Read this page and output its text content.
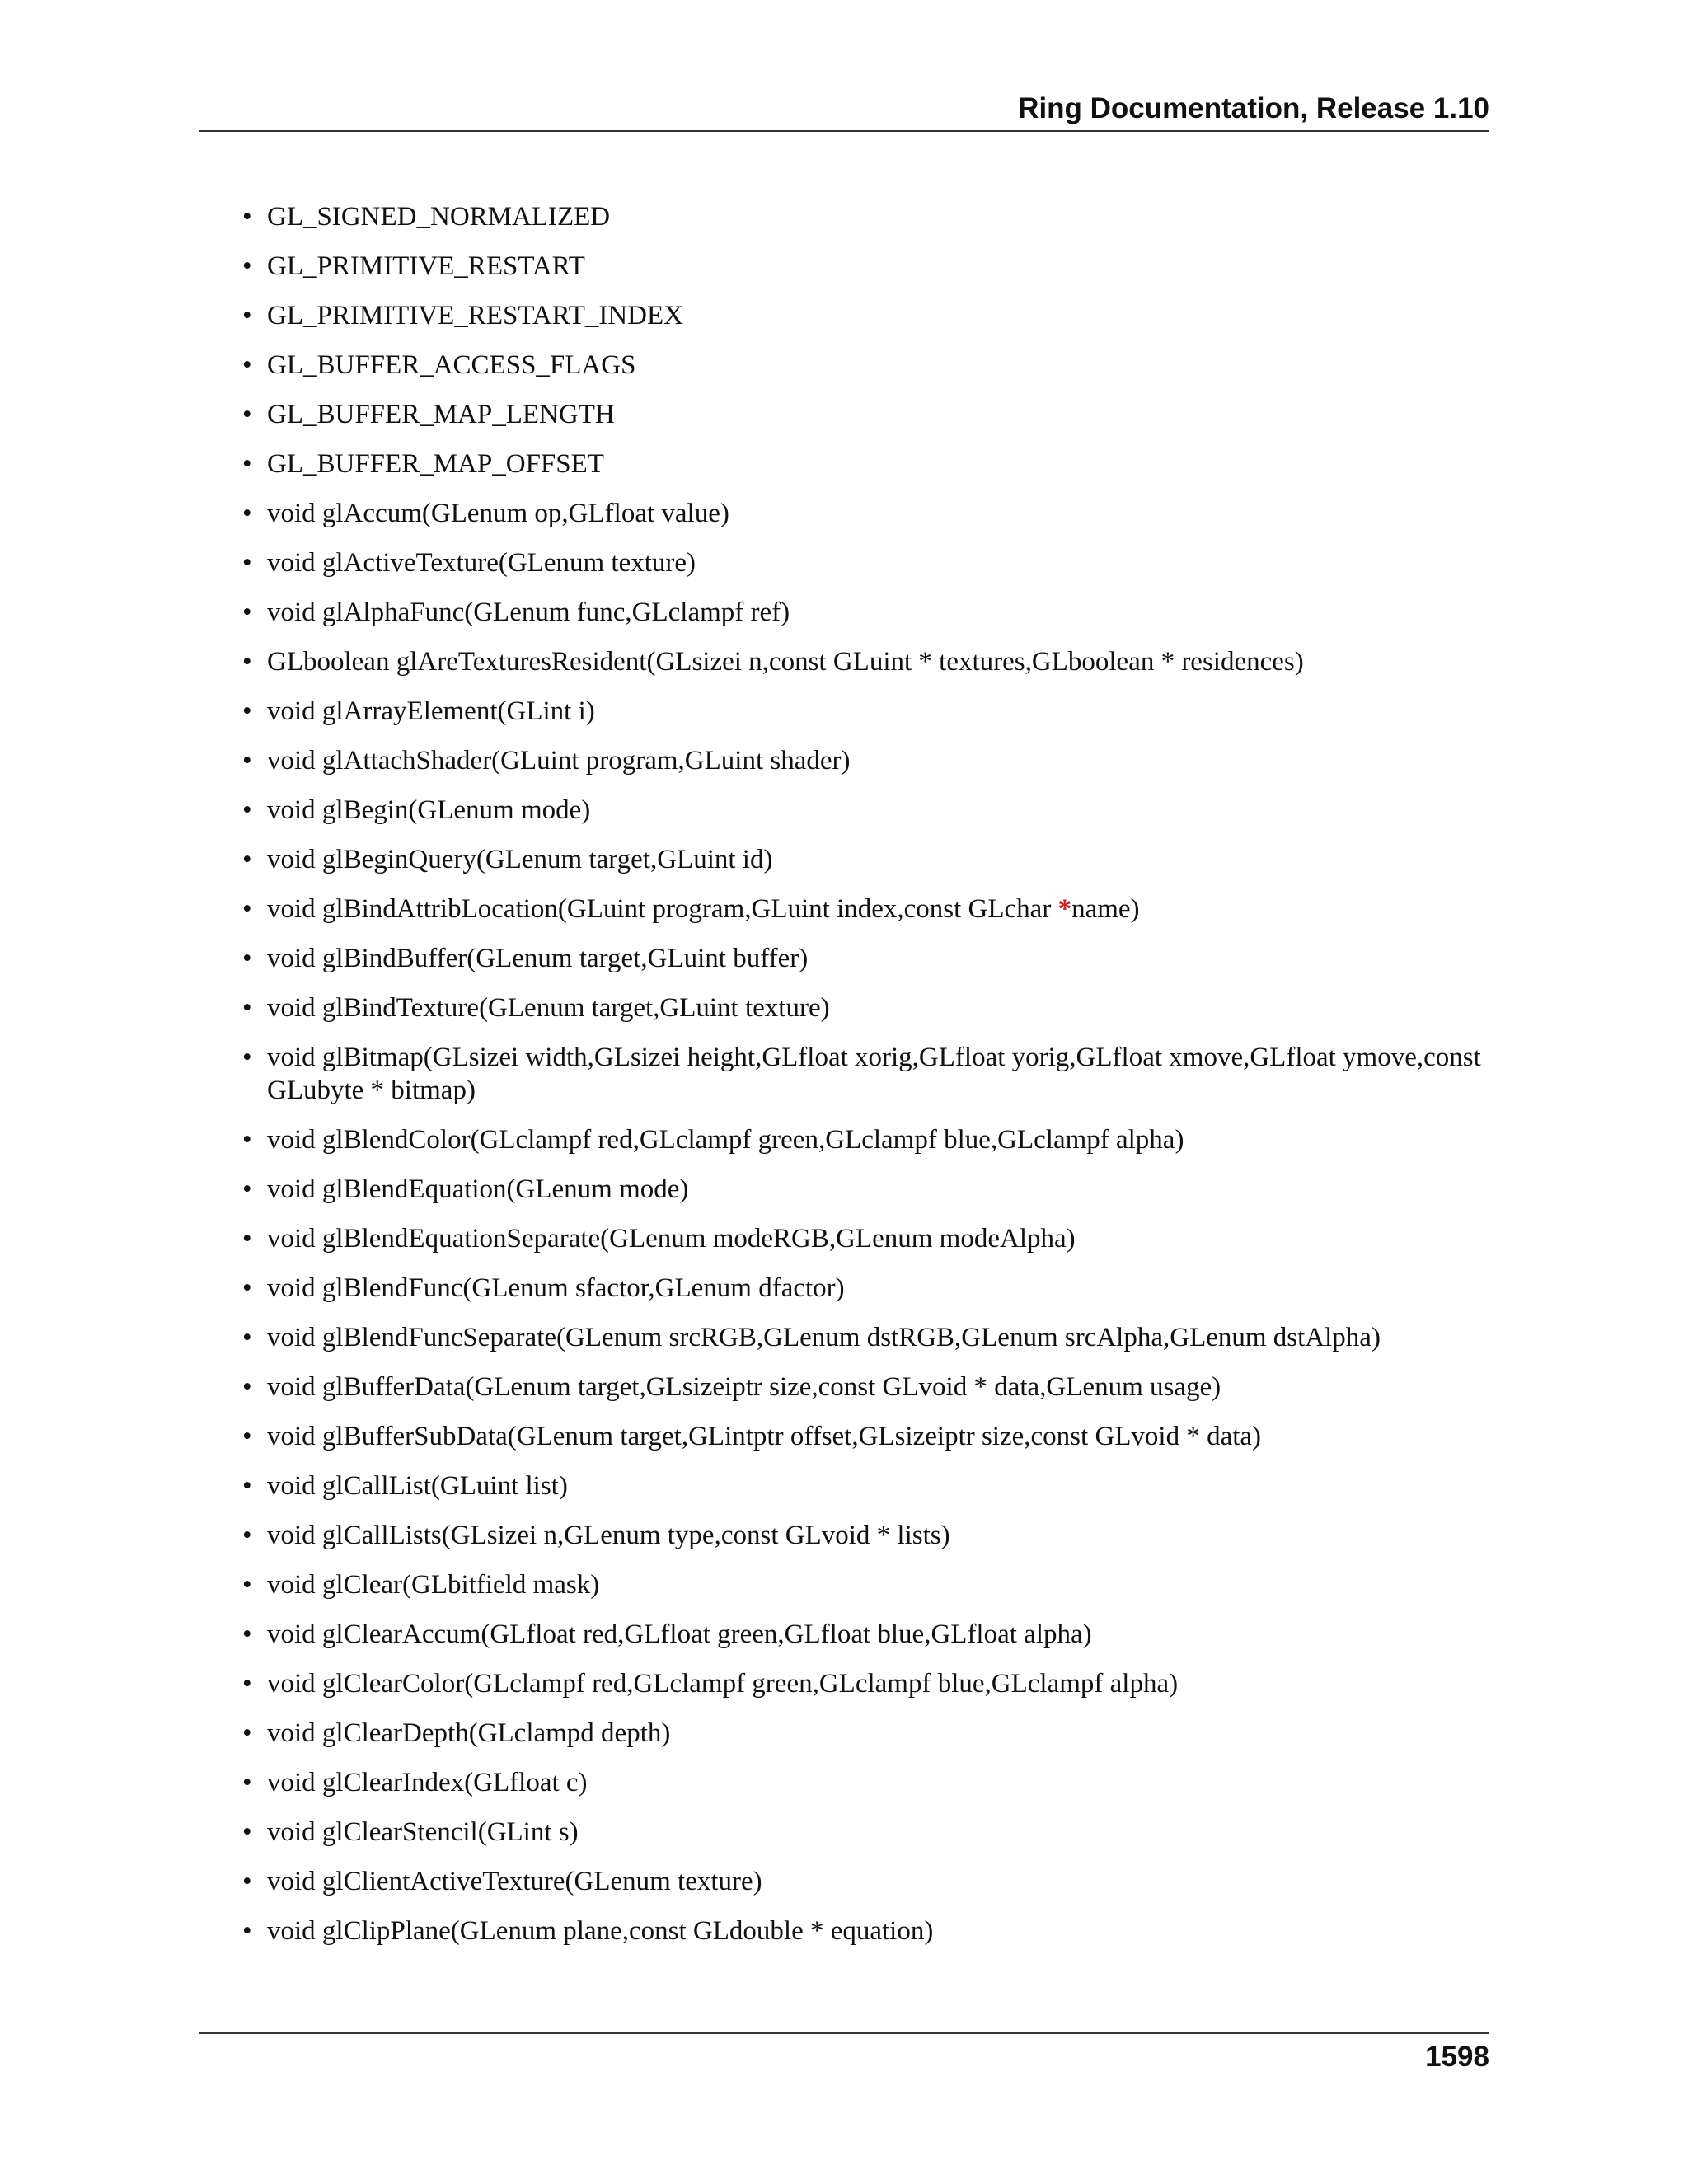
Ring Documentation, Release 1.10
• GL_SIGNED_NORMALIZED
• GL_PRIMITIVE_RESTART
• GL_PRIMITIVE_RESTART_INDEX
• GL_BUFFER_ACCESS_FLAGS
• GL_BUFFER_MAP_LENGTH
• GL_BUFFER_MAP_OFFSET
• void glAccum(GLenum op,GLfloat value)
• void glActiveTexture(GLenum texture)
• void glAlphaFunc(GLenum func,GLclampf ref)
• GLboolean glAreTexturesResident(GLsizei n,const GLuint * textures,GLboolean * residences)
• void glArrayElement(GLint i)
• void glAttachShader(GLuint program,GLuint shader)
• void glBegin(GLenum mode)
• void glBeginQuery(GLenum target,GLuint id)
• void glBindAttribLocation(GLuint program,GLuint index,const GLchar *name)
• void glBindBuffer(GLenum target,GLuint buffer)
• void glBindTexture(GLenum target,GLuint texture)
• void glBitmap(GLsizei width,GLsizei height,GLfloat xorig,GLfloat yorig,GLfloat xmove,GLfloat ymove,const GLubyte * bitmap)
• void glBlendColor(GLclampf red,GLclampf green,GLclampf blue,GLclampf alpha)
• void glBlendEquation(GLenum mode)
• void glBlendEquationSeparate(GLenum modeRGB,GLenum modeAlpha)
• void glBlendFunc(GLenum sfactor,GLenum dfactor)
• void glBlendFuncSeparate(GLenum srcRGB,GLenum dstRGB,GLenum srcAlpha,GLenum dstAlpha)
• void glBufferData(GLenum target,GLsizeiptr size,const GLvoid * data,GLenum usage)
• void glBufferSubData(GLenum target,GLintptr offset,GLsizeiptr size,const GLvoid * data)
• void glCallList(GLuint list)
• void glCallLists(GLsizei n,GLenum type,const GLvoid * lists)
• void glClear(GLbitfield mask)
• void glClearAccum(GLfloat red,GLfloat green,GLfloat blue,GLfloat alpha)
• void glClearColor(GLclampf red,GLclampf green,GLclampf blue,GLclampf alpha)
• void glClearDepth(GLclampd depth)
• void glClearIndex(GLfloat c)
• void glClearStencil(GLint s)
• void glClientActiveTexture(GLenum texture)
• void glClipPlane(GLenum plane,const GLdouble * equation)
1598
